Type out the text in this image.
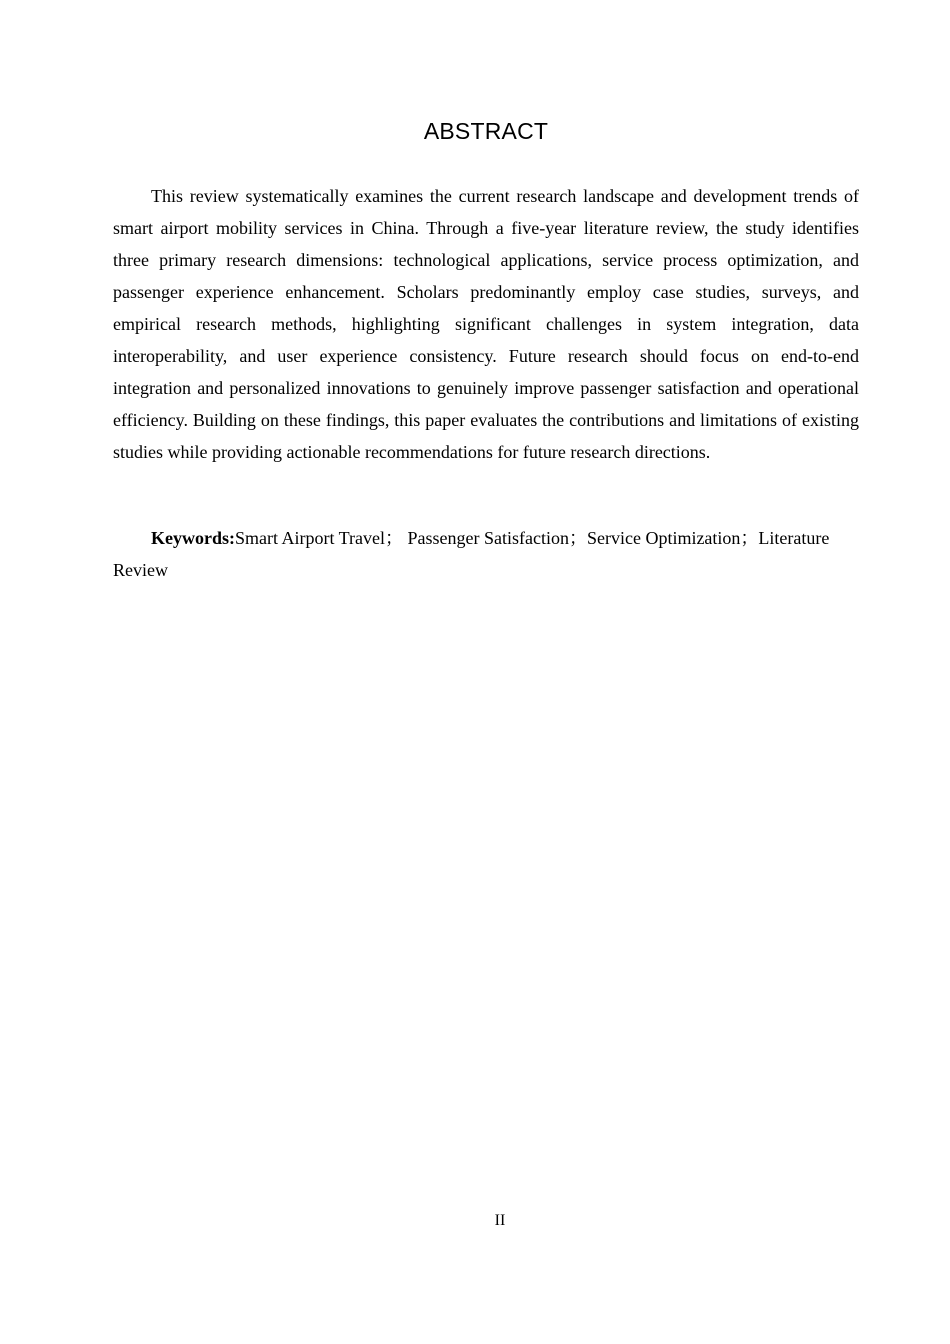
ABSTRACT

This review systematically examines the current research landscape and development trends of smart airport mobility services in China. Through a five-year literature review, the study identifies three primary research dimensions: technological applications, service process optimization, and passenger experience enhancement. Scholars predominantly employ case studies, surveys, and empirical research methods, highlighting significant challenges in system integration, data interoperability, and user experience consistency. Future research should focus on end-to-end integration and personalized innovations to genuinely improve passenger satisfaction and operational efficiency. Building on these findings, this paper evaluates the contributions and limitations of existing studies while providing actionable recommendations for future research directions.

Keywords:Smart Airport Travel； Passenger Satisfaction；Service Optimization；Literature Review

II
